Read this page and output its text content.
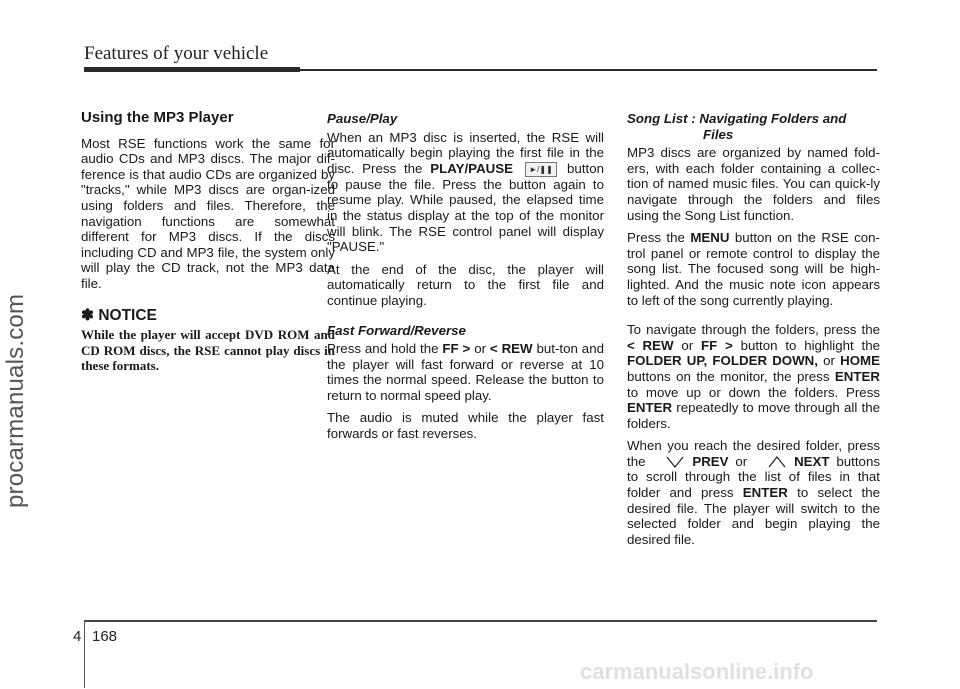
Features of your vehicle
procarmanuals.com
Using the MP3 Player

Most RSE functions work the same for audio CDs and MP3 discs. The major dif-ference is that audio CDs are organized by "tracks," while MP3 discs are organ-ized using folders and files. Therefore, the navigation functions are somewhat different for MP3 discs. If the discs including CD and MP3 file, the system only will play the CD track, not the MP3 data file.

✽ NOTICE
While the player will accept DVD ROM and CD ROM discs, the RSE cannot play discs in these formats.
Pause/Play

When an MP3 disc is inserted, the RSE will automatically begin playing the first file in the disc. Press the PLAY/PAUSE ►/❚❚ button to pause the file. Press the button again to resume play. While paused, the elapsed time in the status display at the top of the monitor will blink. The RSE control panel will display "PAUSE."

At the end of the disc, the player will automatically return to the first file and continue playing.

Fast Forward/Reverse

Press and hold the FF > or < REW but-ton and the player will fast forward or reverse at 10 times the normal speed. Release the button to return to normal speed play.

The audio is muted while the player fast forwards or fast reverses.

Song List : Navigating Folders and
Files

MP3 discs are organized by named fold-ers, with each folder containing a collec-tion of named music files. You can quick-ly navigate through the folders and files using the Song List function.

Press the MENU button on the RSE con-trol panel or remote control to display the song list. The focused song will be high-lighted. And the music note icon appears to left of the song currently playing.

To navigate through the folders, press the < REW or FF > button to highlight the FOLDER UP, FOLDER DOWN, or HOME buttons on the monitor, the press ENTER to move up or down the folders. Press ENTER repeatedly to move through all the folders.

When you reach the desired folder, press the	PREV or	NEXT buttons to scroll through the list of files in that folder and press ENTER to select the desired file. The player will switch to the selected folder and begin playing the desired file.

4 168
carmanualsonline.info
